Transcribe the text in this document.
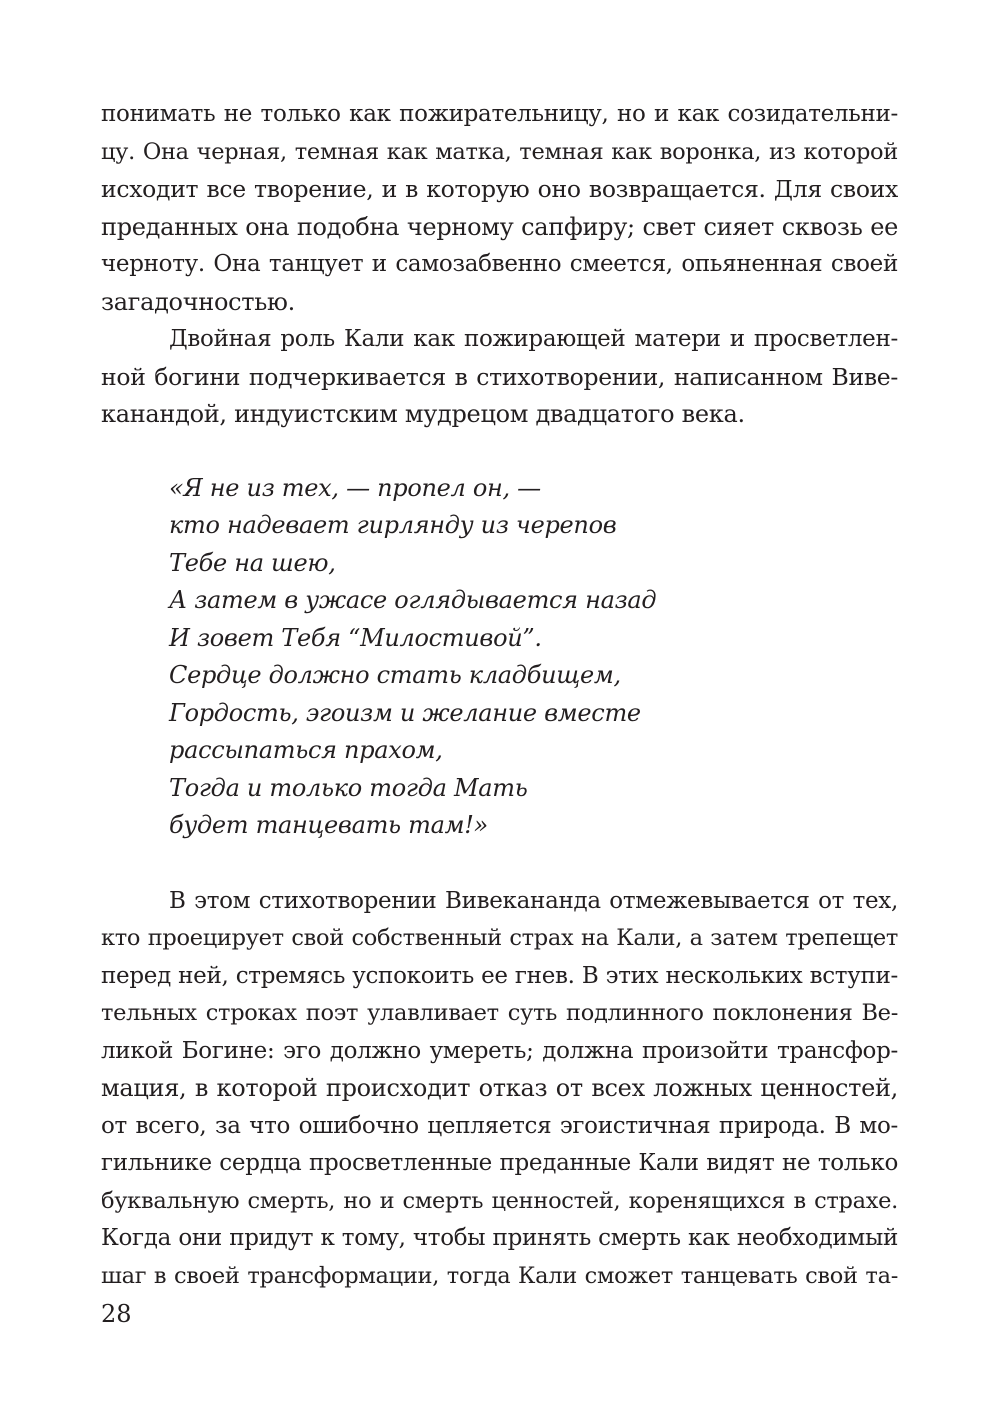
понимать не только как пожирательницу, но и как созидательни-
цу. Она черная, темная как матка, темная как воронка, из которой
исходит все творение, и в которую оно возвращается. Для своих
преданных она подобна черному сапфиру; свет сияет сквозь ее
черноту. Она танцует и самозабвенно смеется, опьяненная своей
загадочностью.
Двойная роль Кали как пожирающей матери и просветлен-
ной богини подчеркивается в стихотворении, написанном Виве-
канандой, индуистским мудрецом двадцатого века.
«Я не из тех, — пропел он, —
кто надевает гирлянду из черепов
Тебе на шею,
А затем в ужасе оглядывается назад
И зовет Тебя “Милостивой”.
Сердце должно стать кладбищем,
Гордость, эгоизм и желание вместе
рассыпаться прахом,
Тогда и только тогда Мать
будет танцевать там!»
В этом стихотворении Вивекананда отмежевывается от тех,
кто проецирует свой собственный страх на Кали, а затем трепещет
перед ней, стремясь успокоить ее гнев. В этих нескольких вступи-
тельных строках поэт улавливает суть подлинного поклонения Ве-
ликой Богине: эго должно умереть; должна произойти трансфор-
мация, в которой происходит отказ от всех ложных ценностей,
от всего, за что ошибочно цепляется эгоистичная природа. В мо-
гильнике сердца просветленные преданные Кали видят не только
буквальную смерть, но и смерть ценностей, коренящихся в страхе.
Когда они придут к тому, чтобы принять смерть как необходимый
шаг в своей трансформации, тогда Кали сможет танцевать свой та-
28
